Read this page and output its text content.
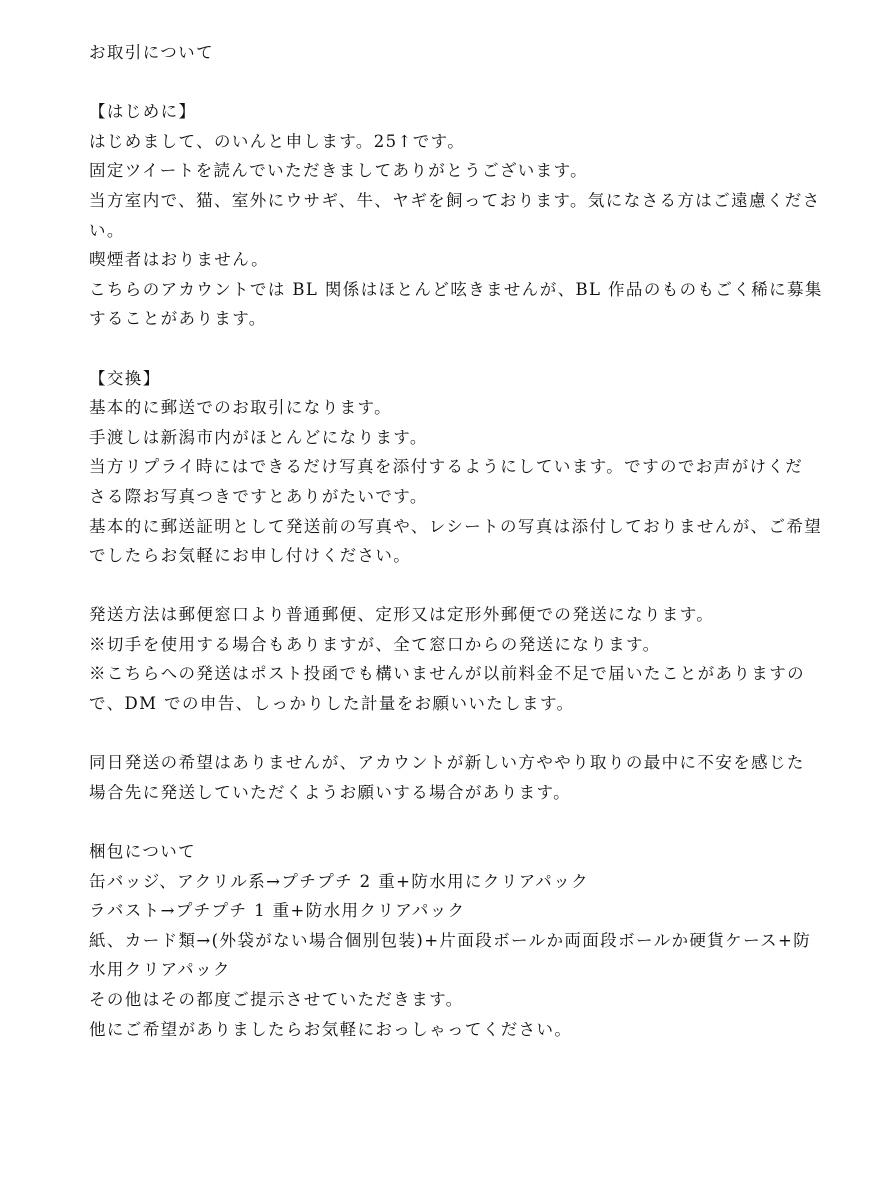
お取引について
【はじめに】
はじめまして、のいんと申します。25↑です。
固定ツイートを読んでいただきましてありがとうございます。
当方室内で、猫、室外にウサギ、牛、ヤギを飼っております。気になさる方はご遠慮くださ
い。
喫煙者はおりません。
こちらのアカウントでは BL 関係はほとんど呟きませんが、BL 作品のものもごく稀に募集
することがあります。
【交換】
基本的に郵送でのお取引になります。
手渡しは新潟市内がほとんどになります。
当方リプライ時にはできるだけ写真を添付するようにしています。ですのでお声がけくだ
さる際お写真つきですとありがたいです。
基本的に郵送証明として発送前の写真や、レシートの写真は添付しておりませんが、ご希望
でしたらお気軽にお申し付けください。
発送方法は郵便窓口より普通郵便、定形又は定形外郵便での発送になります。
※切手を使用する場合もありますが、全て窓口からの発送になります。
※こちらへの発送はポスト投函でも構いませんが以前料金不足で届いたことがありますの
で、DM での申告、しっかりした計量をお願いいたします。
同日発送の希望はありませんが、アカウントが新しい方ややり取りの最中に不安を感じた
場合先に発送していただくようお願いする場合があります。
梱包について
缶バッジ、アクリル系→プチプチ 2 重+防水用にクリアパック
ラバスト→プチプチ 1 重+防水用クリアパック
紙、カード類→(外袋がない場合個別包装)+片面段ボールか両面段ボールか硬貨ケース+防
水用クリアパック
その他はその都度ご提示させていただきます。
他にご希望がありましたらお気軽におっしゃってください。
